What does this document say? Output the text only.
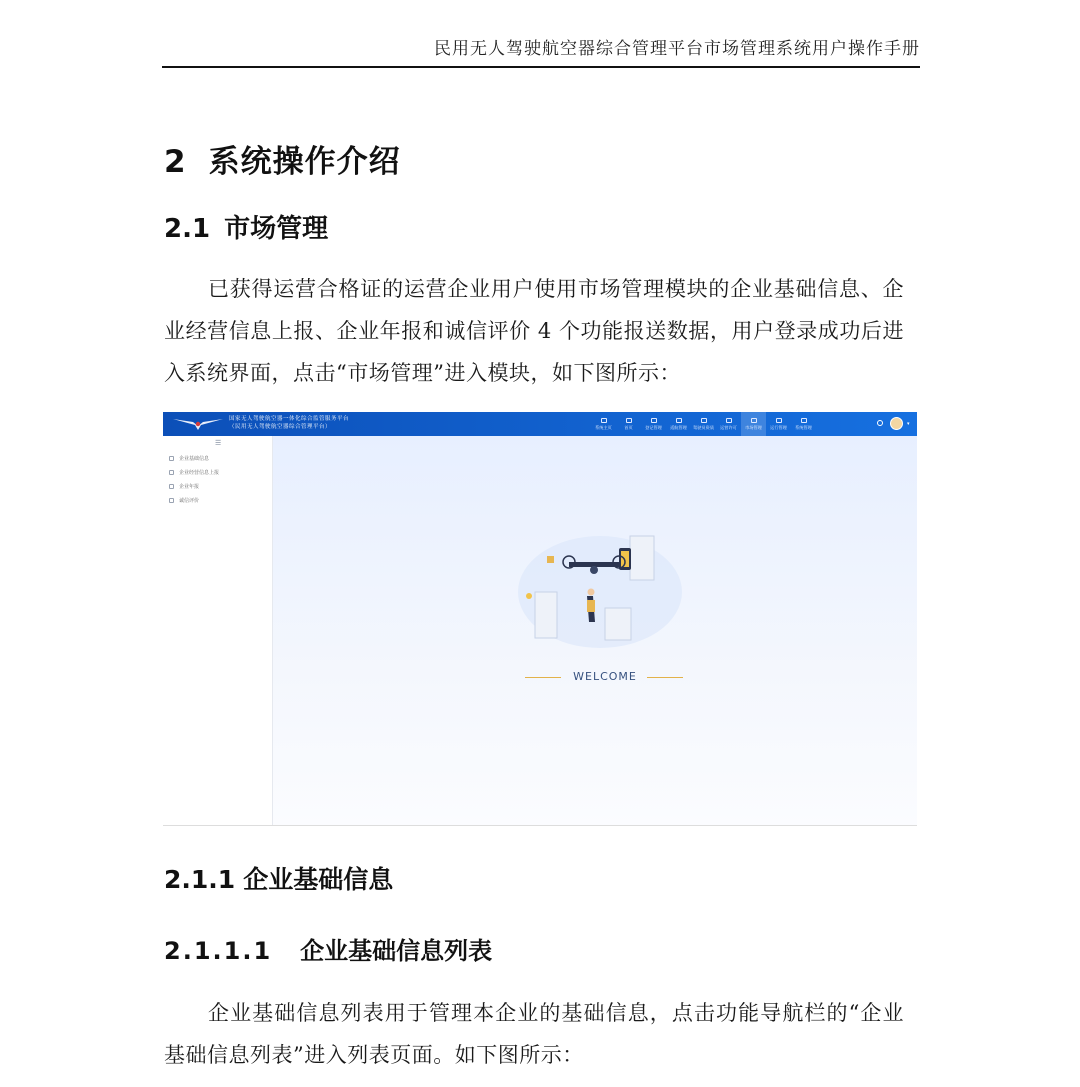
民用无人驾驶航空器综合管理平台市场管理系统用户操作手册
2 系统操作介绍
2.1 市场管理

已获得运营合格证的运营企业用户使用市场管理模块的企业基础信息、企业经营信息上报、企业年报和诚信评价 4 个功能报送数据，用户登录成功后进入系统界面，点击“市场管理”进入模块，如下图所示：

国家无人驾驶航空器一体化综合监管服务平台
（民用无人驾驶航空器综合管理平台）	系统主页	首页	登记管理 适航管理 驾驶员资质 运营许可 市场管理 运行管理 系统管理	▾
☰
企业基础信息
企业经营信息上报
企业年报
诚信评价
WELCOME
2.1.1 企业基础信息
2.1.1.1 企业基础信息列表

企业基础信息列表用于管理本企业的基础信息，点击功能导航栏的“企业基础信息列表”进入列表页面。如下图所示：
